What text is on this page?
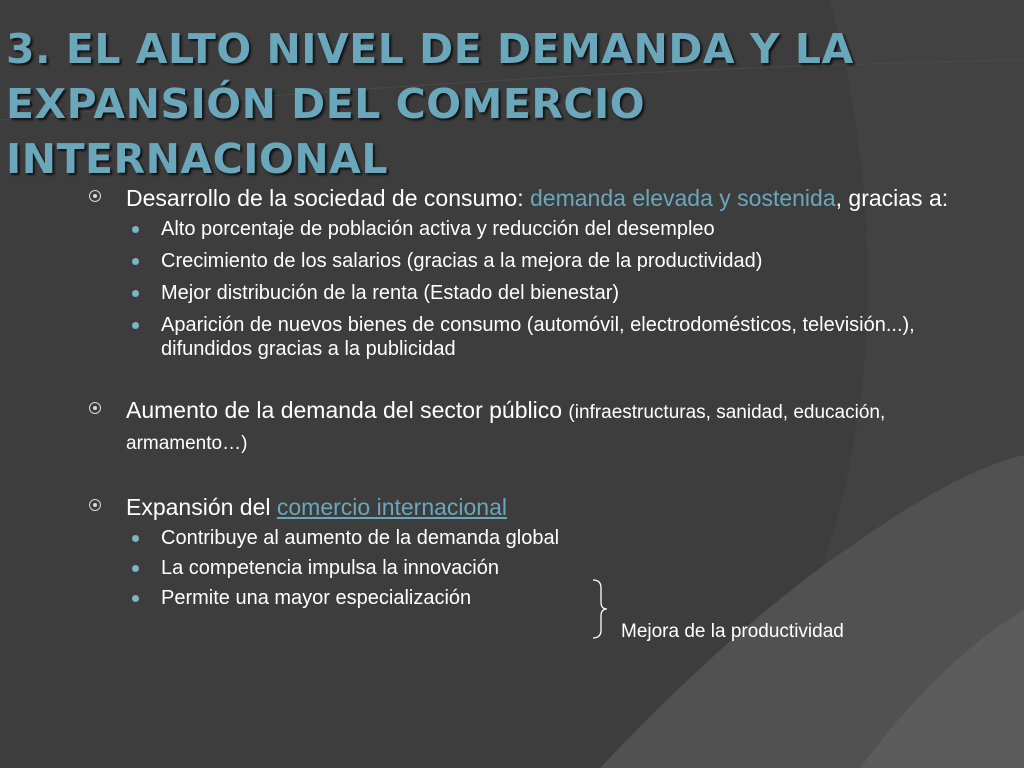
3. EL ALTO NIVEL DE DEMANDA Y LA
EXPANSIÓN DEL COMERCIO INTERNACIONAL
Desarrollo de la sociedad de consumo: demanda elevada y sostenida, gracias a:
Alto porcentaje de población activa y reducción del desempleo
Crecimiento de los salarios (gracias a la mejora de la productividad)
Mejor distribución de la renta (Estado del bienestar)
Aparición de nuevos bienes de consumo (automóvil, electrodomésticos, televisión...), difundidos gracias a la publicidad
Aumento de la demanda del sector público (infraestructuras, sanidad, educación, armamento…)
Expansión del comercio internacional
Contribuye al aumento de la demanda global
La competencia impulsa la innovación
Permite una mayor especialización
Mejora de la productividad
